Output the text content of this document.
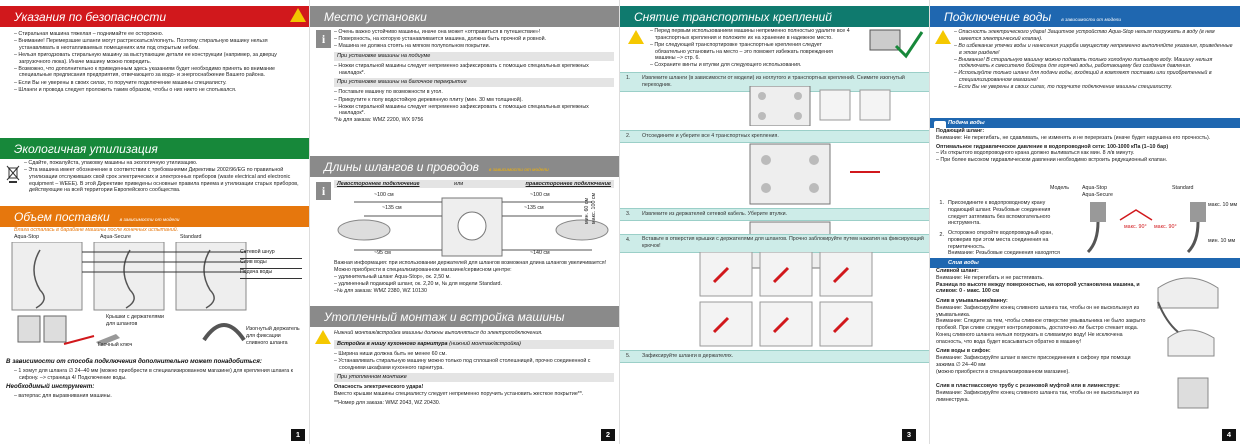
Указания по безопасности
– Стиральная машина тяжелая – поднимайте ее осторожно.
– Внимание! Перемерзшие шланги могут растрескаться/лопнуть. Поэтому стиральную машину нельзя устанавливать в неотапливаемых помещениях или под открытым небом.
– Нельзя пригодзовать стиральную машину за выступающие детали ее конструкции (например, за дверцу загрузочного люка). Иначе машину можно повредить.
– Возможно, что дополнительно к приведенным здесь указаниям будет необходимо принять во внимание специальные предписания предприятия, отвечающего за водо- и энергоснабжение Вашего района.
– Если Вы не уверены в своих силах, то поручите подключение машины специалисту.
– Шланги и провода следует проложить таким образом, чтобы о них никто не спотыкался.
Экологичная утилизация
– Сдайте, пожалуйста, упаковку машины на экологичную утилизацию.
– Эта машина имеет обозначение в соответствии с требованиями Директивы 2002/96/EG по правильной утилизации отслуживших свой срок электрических и электронных приборов (waste electrical and electronic equipment – WEEE). В этой Директиве приведены основные правила приема и утилизации старых приборов, действующие на всей территории Европейского сообщества.
Объем поставки в зависимости от модели
Влага осталась в барабане машины после конечных испытаний.
Aqua-Stop	Aqua-Secure	Standard
Сетевой шнур
Слив воды
Подача воды
Крышки с держателями для шлангов
Гаечный ключ
Изогнутый держатель для фиксации сливного шланга
В зависимости от способа подключения дополнительно может понадобиться:
– 1 хомут для шланга ∅ 24–40 мм (можно приобрести в специализированном магазине) для крепления шланга к сифону. –> страница 4/ Подключение воды.
Необходимый инструмент:
– ватерпас для выравнивания машины.
1
Место установки
i
–	Очень важно устойчиво машины, иначе она может «отправиться в путешествие»!
– Поверхность, на которую устанавливается машина, должна быть прочной и ровной.
– Машина не должна стоять на мягком полупольном покрытии.
При установке машины на подиуме
– Ножки стиральной машины следует непременно зафиксировать с помощью специальных крепежных накладок*.
При установке машины на балочное перекрытие
– Поставьте машину по возможности в угол.
– Прикрутите к полу водостойкую деревянную плиту (мин. 30 мм толщиной).
– Ножки стиральной машины следует непременно зафиксировать с помощью специальных крепежных накладок*.
*№ для заказа: WMZ 2200, WX 9756
Длины шлангов и проводов в зависимости от модели
i	Левостороннее подключение	или	правостороннее подключение
~100 см
~135 см	~135 см
~100 см
~95 см	~140 см
мин. 60 см макс. 100 см
Важная информация: при использовании держателей для шлангов возможная длина шлангов увеличивается!
Можно приобрести в специализированном магазине/сервисном центре:
– удлинительный шланг Aqua-Stop», ок. 2,50 м.
– удлиненный подающий шланг, ок. 2,20 м, № для модели Standard.
–№ для заказа: WMZ 2380, WZ 10130
Утопленный монтаж и встройка машины
Нижний монтаж/встройка машины должны выполняться до электроподключения.
Встройка в нишу кухонного гарнитура (нижний монтаж/встройка)
– Ширина ниши должна быть не менее 60 см.
– Устанавливать стиральную машину можно только под сплошной столешницей, прочно соединенной с соседними шкафами кухонного гарнитура.
При утопленном монтаже
Опасность электрического удара!
Вместо крышки машины специалисту следует непременно поручить установить жесткое покрытие**.
**Номер для заказа: WMZ 2043, WZ 20430.
2
Снятие транспортных креплений
– Перед первым использованием машины непременно полностью удалите все 4 транспортных крепления и положите их на хранение в надежное место.
– При следующей транспортировке транспортные крепления следует обязательно установить на место – это поможет избежать повреждения машины –> стр. 6.
– Сохраните винты и втулки для следующего использования.
1. Извлеките шланги (в зависимости от модели) из ноглутого и транспортных креплений. Снимите изогнутый переходник.
2. Отсоедините и уберите все 4 транспортных крепления.
3. Извлеките из держателей сетевой кабель. Уберите втулки.
4. Вставьте в отверстия крышки с держателями для шлангов. Прочно заблокируйте путем нажатия на фиксирующий крючок!
5. Зафиксируйте шланги в держателях.
3
Подключение воды в зависимости от модели
– Опасность электрического удара! Защитное устройство Aqua-Stop нельзя погружать в воду (в нем имеется электрический клапан).
– Во избежание утечки воды и нанесения ущерба имуществу непременно выполняйте указания, приведенные в этом разделе!
– Внимание! В стиральную машину можно подавать только холодную питьевую воду. Машину нельзя подключать к смесителю бойлера для горячей воды, работающему без создания давления.
– Используйте только шланг для подачи воды, входящий в комплект поставки или приобретенный в специализированном магазине!
– Если Вы не уверены в своих силах, то поручите подключение машины специалисту.
Подача воды
Подающий шланг:
Внимание: Не перегибать, не сдавливать, не изменять и не перерезать (иначе будет нарушена его прочность).
Оптимальное гидравлическое давление в водопроводной сети: 100-1000 кПа (1–10 бар)
– Из открытого водопроводного крана должно выливаться как мин. 8 л/в минуту.
– При более высоком гидравлическом давлении необходимо встроить редукционный клапан.
Модель Aqua-Stop Aqua-Secure
Standard
1. Присоедините к водопроводному крану подающий шланг. Резьбовые соединения следует затягивать без вспомогательного инструмента.
2. Осторожно откройте водопроводный кран, проверив при этом места соединения на герметичность.
Внимание: Резьбовые соединения находятся
макс. 10 мм
макс. 90° макс. 90°
мин. 10 мм
Слив воды
Сливной шланг:
Внимание: Не перегибать и не растягивать.
Разница по высоте между поверхностью, на которой установлена машина, и сливом: 0 - макс. 100 см
Слив в умывальник/ванну:
Внимание: Зафиксируйте конец сливного шланга так, чтобы он не выскользнул из умывальника.
Внимание: Следите за тем, чтобы сливное отверстие умывальника не было закрыто пробкой. При сливе следует контролировать, достаточно ли быстро стекает вода. Конец сливного шланга нельзя погружать в сливаемую воду! Не исключена опасность, что вода будет всасываться обратно в машину!
Слив воды в сифон:
Внимание: Зафиксируйте шланг в месте присоединения к сифону при помощи зажима ∅ 24–40 мм
(можно приобрести в специализированном магазине).
Слив в пластмассовую трубу с резиновой муфтой или в лимнеструк:
Внимание: Зафиксируйте конец сливного шланга так, чтобы он не выскользнул из лимнеструка.
4
